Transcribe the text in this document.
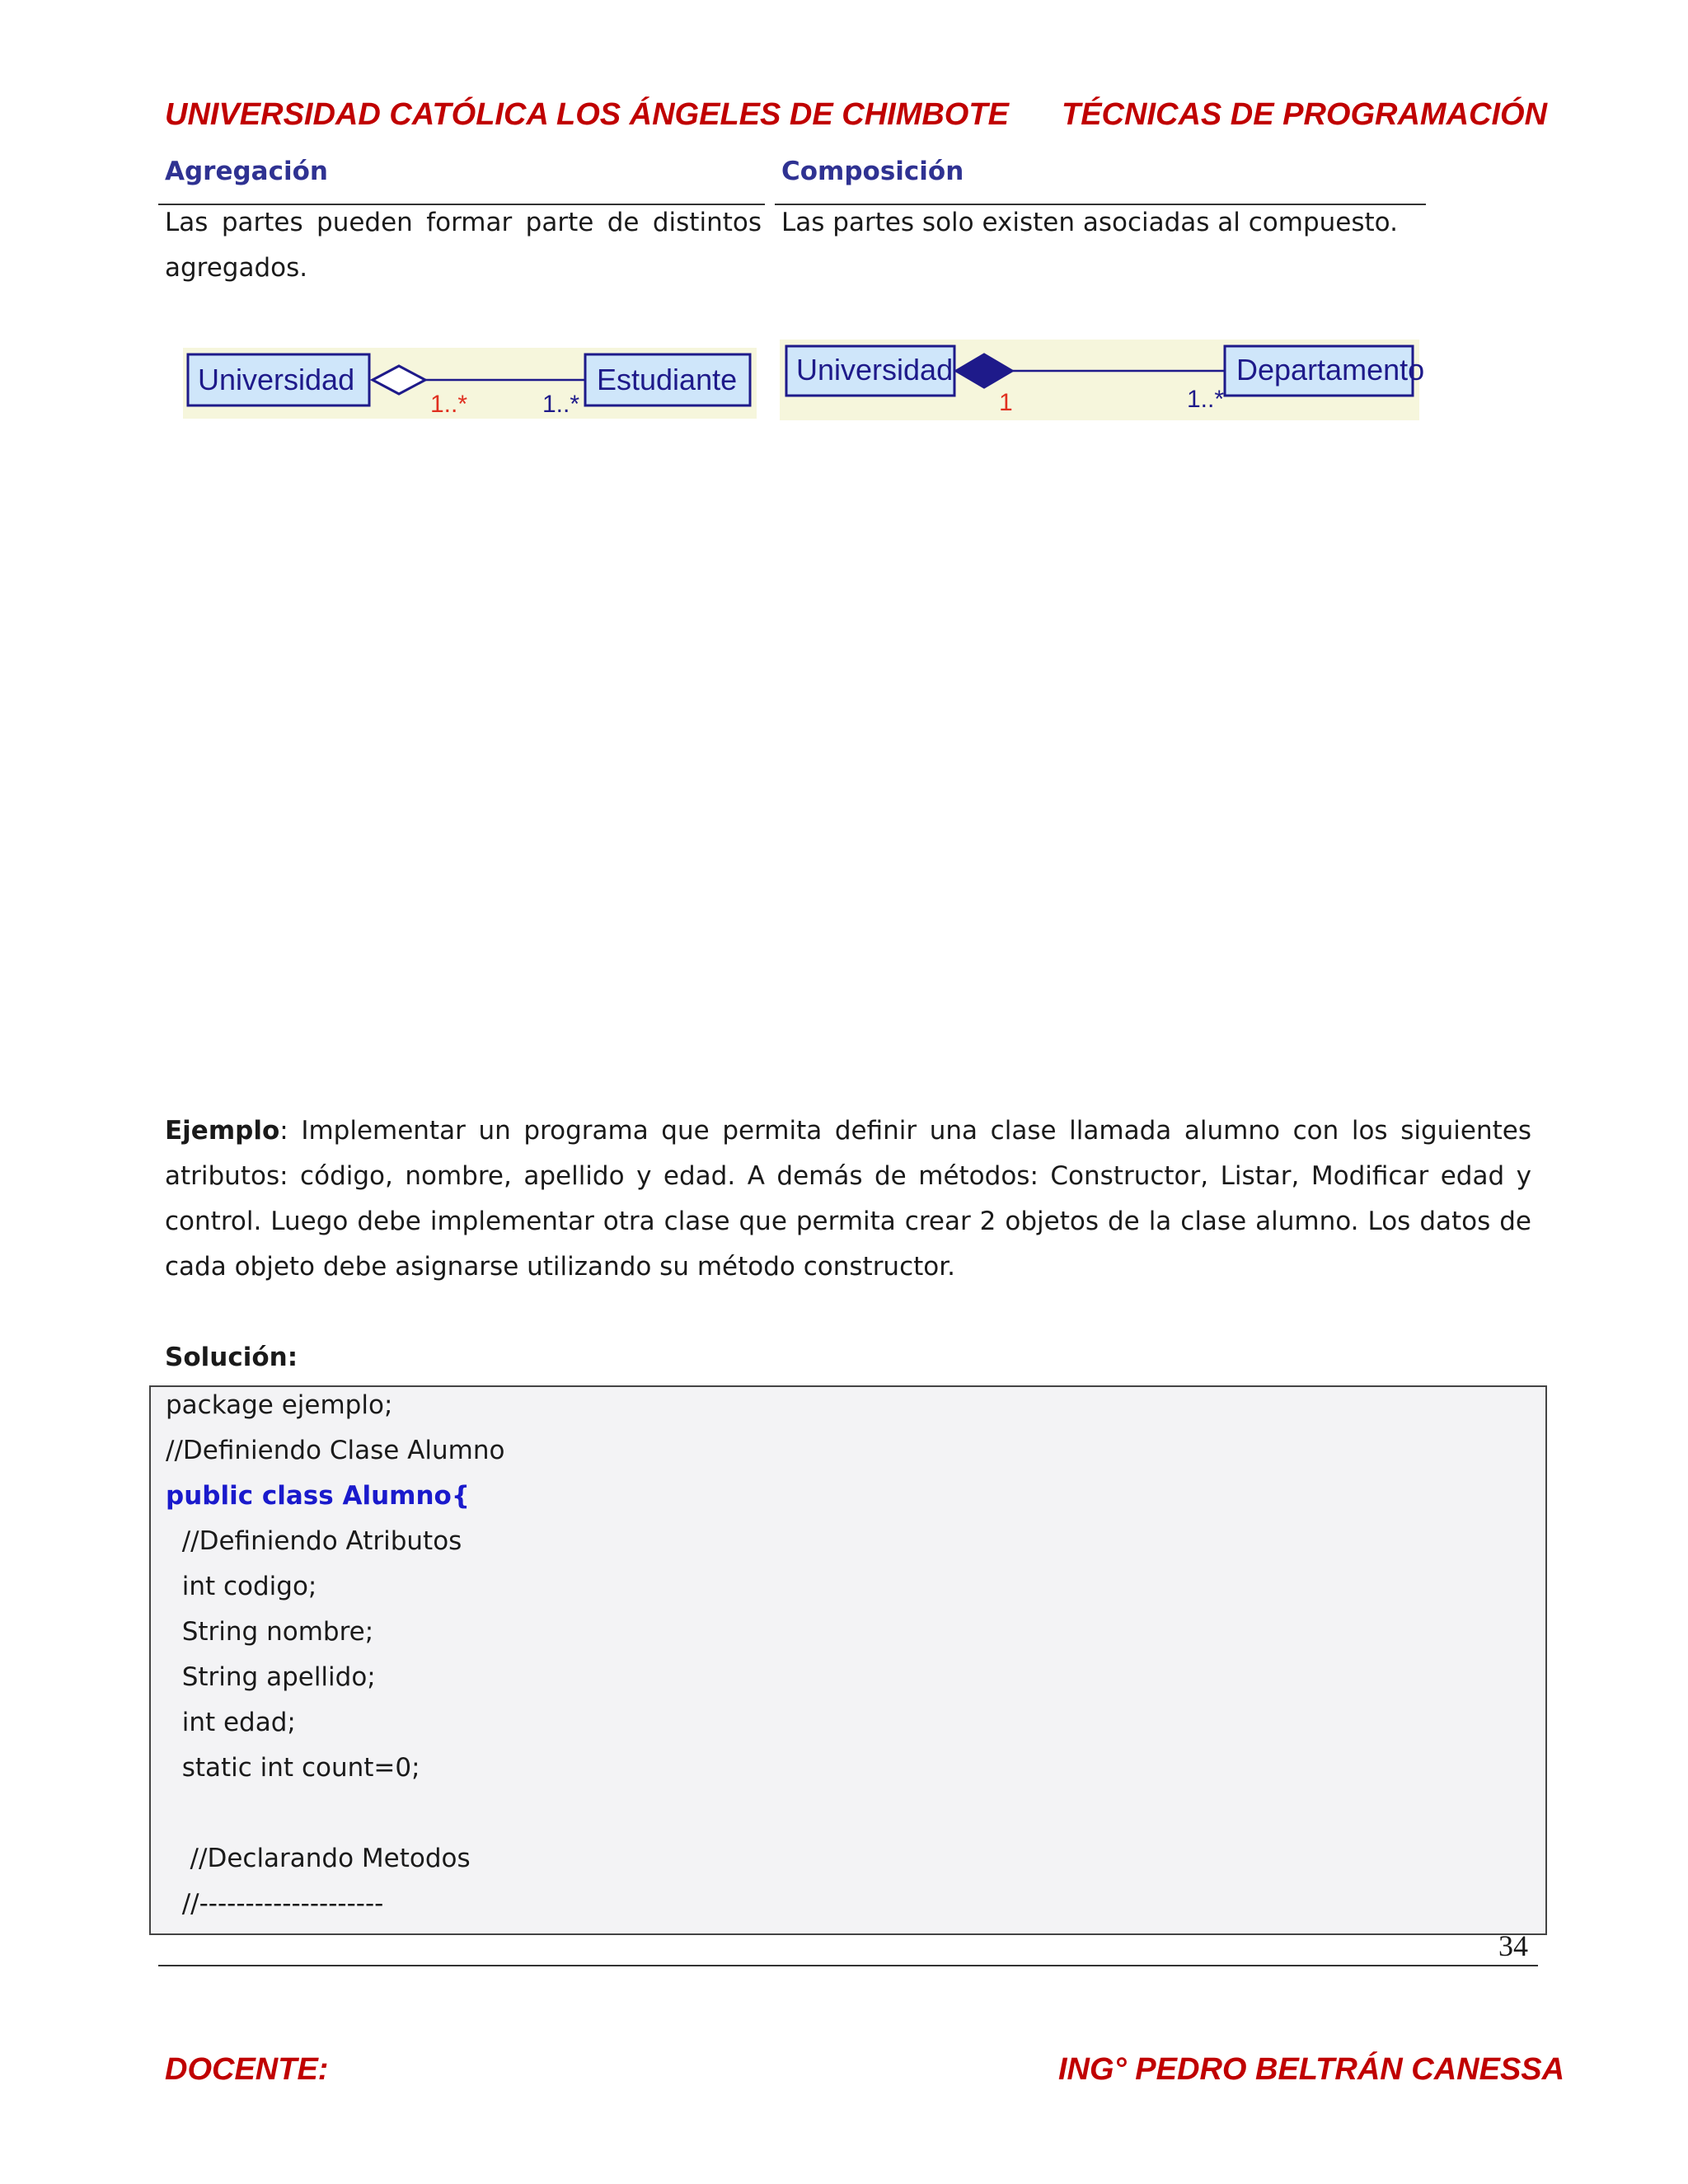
UNIVERSIDAD CATÓLICA LOS ÁNGELES DE CHIMBOTE TÉCNICAS DE PROGRAMACIÓN
Agregación	Composición
Las partes pueden formar parte de distintos
agregados.
Las partes solo existen asociadas al compuesto.
Universidad	Estudiante
1..*	1..*
Universidad	Departamento
1	1..*
Ejemplo: Implementar un programa que permita definir una clase llamada alumno con los siguientes
atributos: código, nombre, apellido y edad. A demás de métodos: Constructor, Listar, Modificar edad y
control. Luego debe implementar otra clase que permita crear 2 objetos de la clase alumno. Los datos de
cada objeto debe asignarse utilizando su método constructor.
Solución:
package ejemplo;
//Definiendo Clase Alumno
public class Alumno{
//Definiendo Atributos
int codigo;
String nombre;
String apellido;
int edad;
static int count=0;
//Declarando Metodos
//--------------------
34
DOCENTE:	ING° PEDRO BELTRÁN CANESSA
